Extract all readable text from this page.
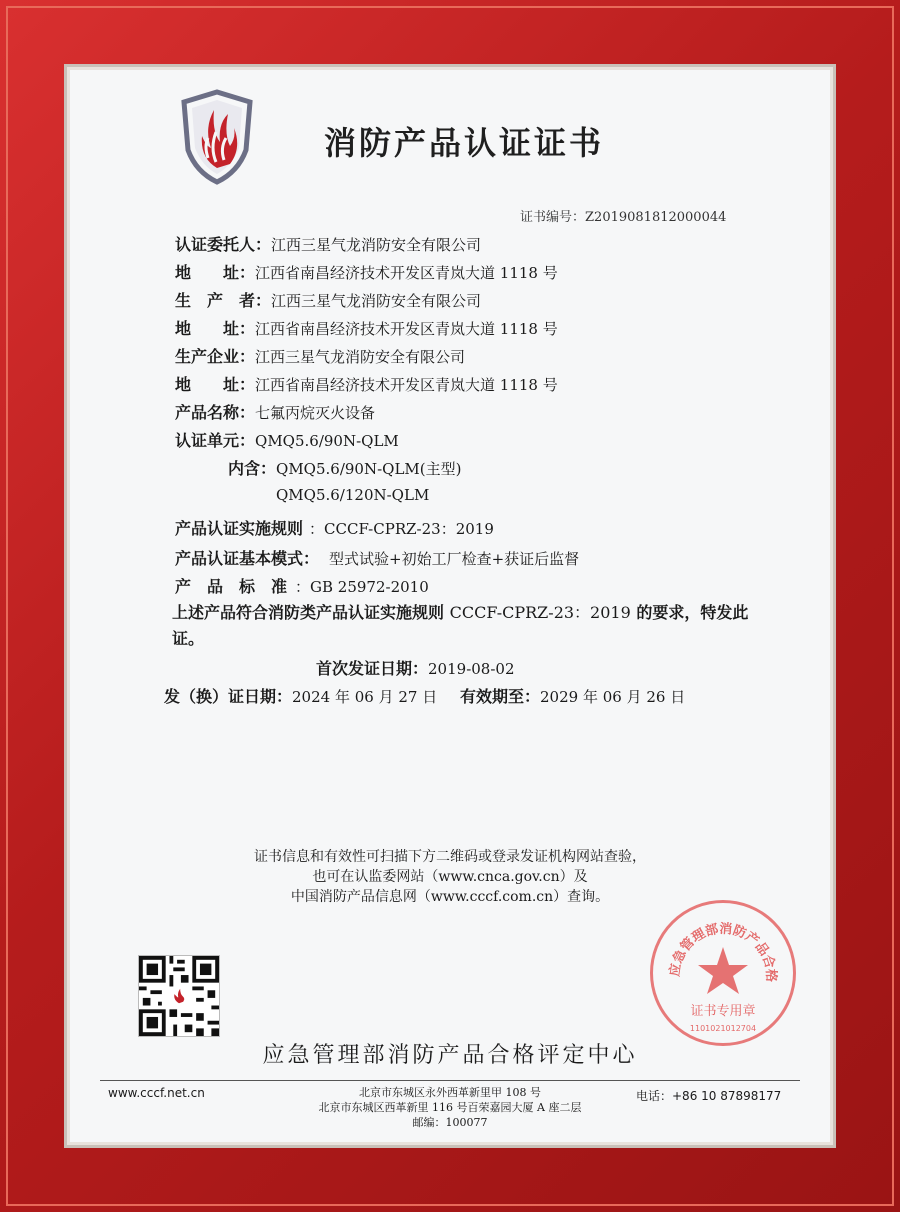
消防产品认证证书
证书编号：Z2019081812000044
认证委托人：江西三星气龙消防安全有限公司
地　　址：江西省南昌经济技术开发区青岚大道 1118 号
生　产　者：江西三星气龙消防安全有限公司
地　　址：江西省南昌经济技术开发区青岚大道 1118 号
生产企业：江西三星气龙消防安全有限公司
地　　址：江西省南昌经济技术开发区青岚大道 1118 号
产品名称：七氟丙烷灭火设备
认证单元：QMQ5.6/90N-QLM
内含：QMQ5.6/90N-QLM(主型)
QMQ5.6/120N-QLM
产品认证实施规则 ：CCCF-CPRZ-23：2019
产品认证基本模式： 型式试验+初始工厂检查+获证后监督
产　品　标　准 ：GB 25972-2010
上述产品符合消防类产品认证实施规则 CCCF-CPRZ-23：2019 的要求，特发此证。
首次发证日期：2019-08-02
发（换）证日期：2024 年 06 月 27 日 有效期至：2029 年 06 月 26 日
证书信息和有效性可扫描下方二维码或登录发证机构网站查验，
也可在认监委网站（www.cnca.gov.cn）及
中国消防产品信息网（www.cccf.com.cn）查询。
应急管理部消防产品合格
证书专用章
1101021012704
应急管理部消防产品合格评定中心
www.cccf.net.cn	北京市东城区永外西革新里甲 108 号
北京市东城区西革新里 116 号百荣嘉园大厦 A 座二层
邮编：100077
电话：+86 10 87898177
